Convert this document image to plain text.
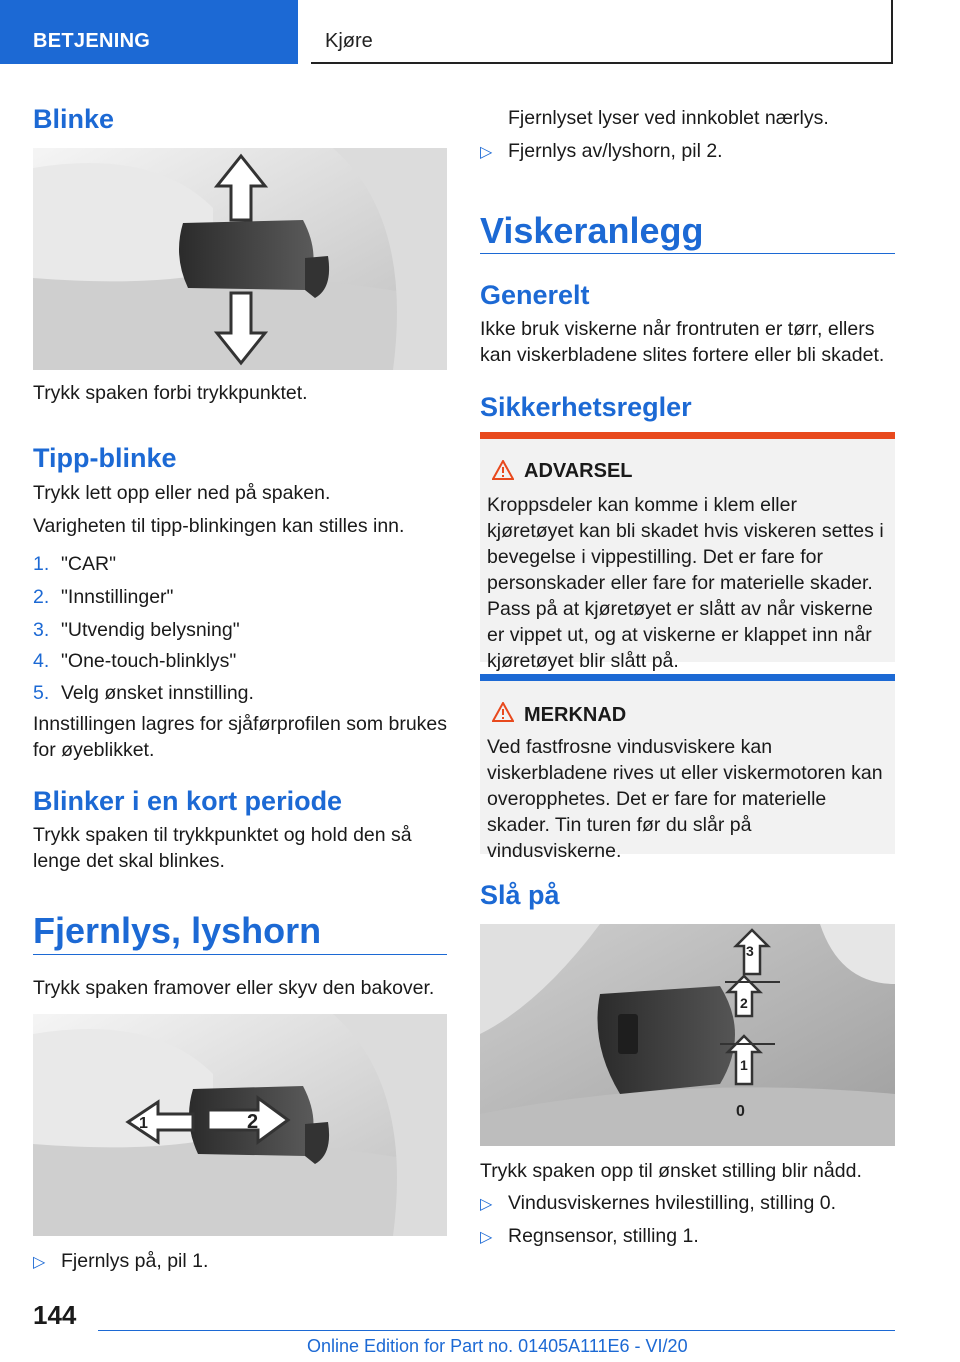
BETJENING	Kjøre
Blinke
Trykk spaken forbi trykkpunktet.
Tipp-blinke
Trykk lett opp eller ned på spaken.
Varigheten til tipp-blinkingen kan stilles inn.
1. "CAR"
2. "Innstillinger"
3. "Utvendig belysning"
4. "One-touch-blinklys"
5. Velg ønsket innstilling.
Innstillingen lagres for sjåførprofilen som brukes for øyeblikket.
Blinker i en kort periode
Trykk spaken til trykkpunktet og hold den så lenge det skal blinkes.
Fjernlys, lyshorn
Trykk spaken framover eller skyv den bakover.
1	2
▷ Fjernlys på, pil 1.
Fjernlyset lyser ved innkoblet nærlys.
▷ Fjernlys av/lyshorn, pil 2.
Viskeranlegg
Generelt
Ikke bruk viskerne når frontruten er tørr, ellers kan viskerbladene slites fortere eller bli skadet.
Sikkerhetsregler
ADVARSEL
Kroppsdeler kan komme i klem eller kjøretøyet kan bli skadet hvis viskeren settes i bevegelse i vippestilling. Det er fare for personskader eller fare for materielle skader. Pass på at kjøretøyet er slått av når viskerne er vippet ut, og at viskerne er klappet inn når kjøretøyet blir slått på.
MERKNAD
Ved fastfrosne vindusviskere kan viskerbladene rives ut eller viskermotoren kan overopphetes. Det er fare for materielle skader. Tin turen før du slår på vindusviskerne.
Slå på
3
2
1
0
Trykk spaken opp til ønsket stilling blir nådd.
▷ Vindusviskernes hvilestilling, stilling 0.
▷ Regnsensor, stilling 1.
144
Online Edition for Part no. 01405A111E6 - VI/20
